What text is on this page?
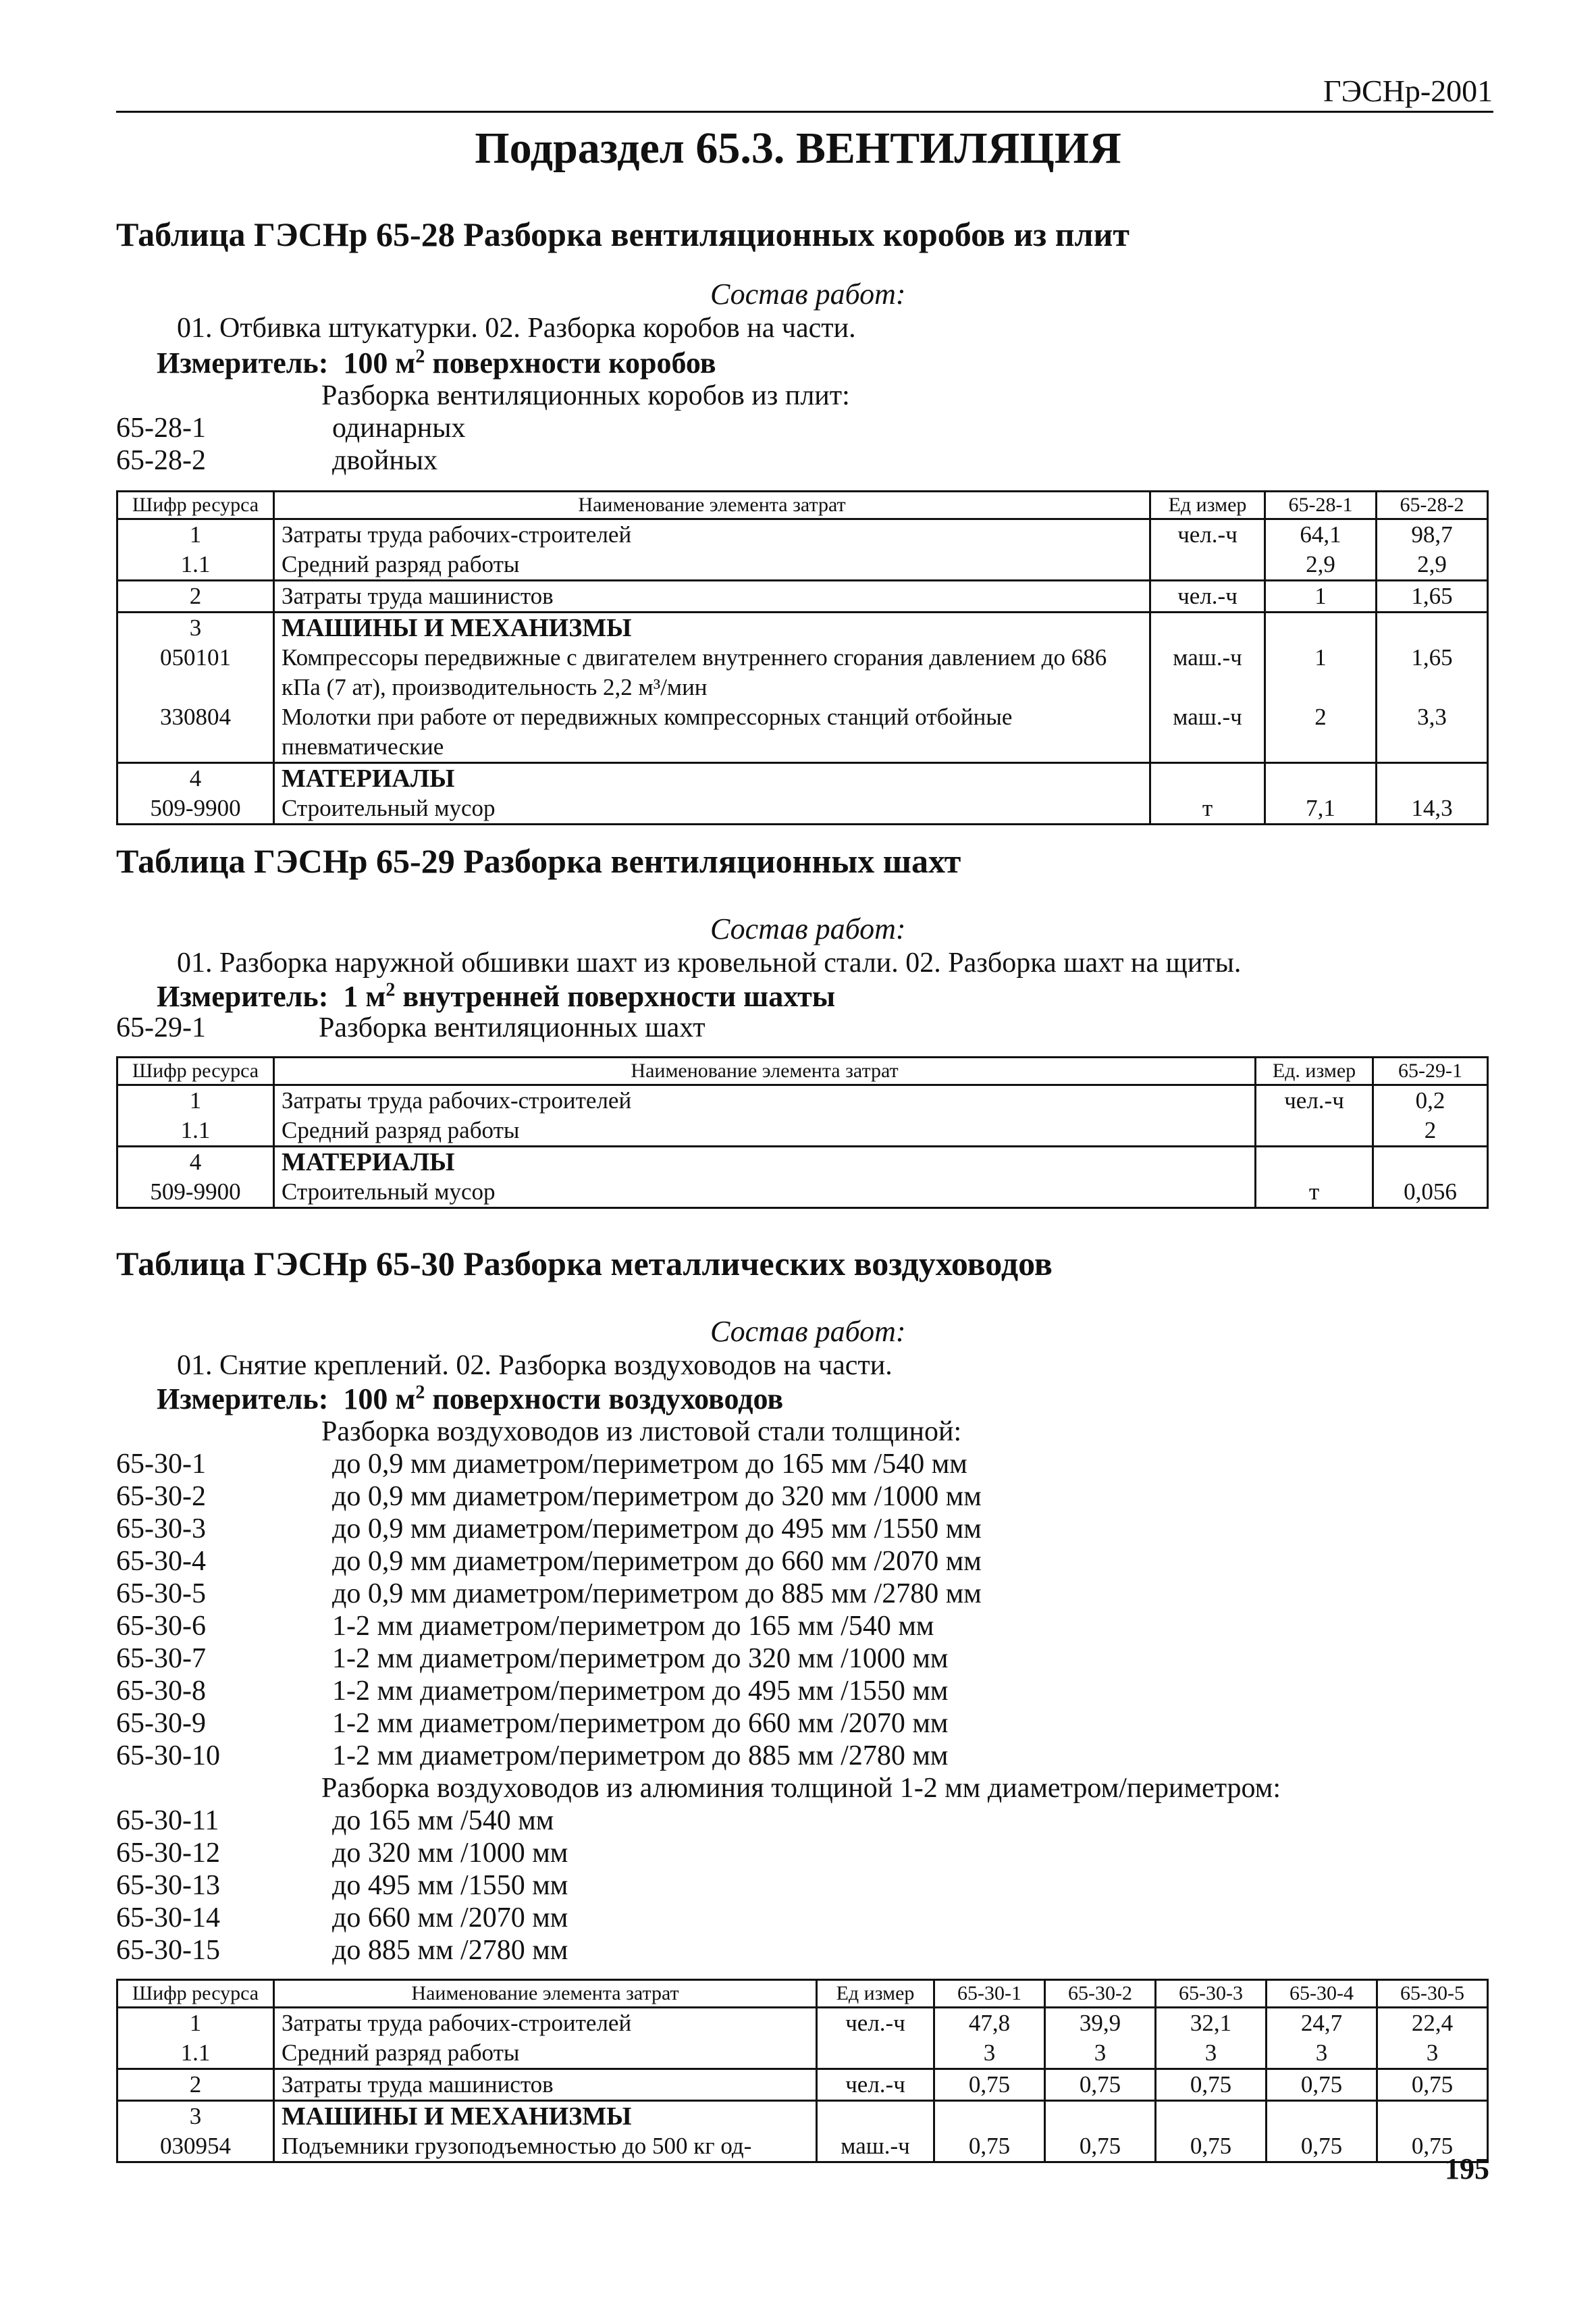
ГЭСНр-2001
Подраздел 65.3. ВЕНТИЛЯЦИЯ
Таблица ГЭСНр 65-28 Разборка вентиляционных коробов из плит
Состав работ:
01. Отбивка штукатурки. 02. Разборка коробов на части.
Измеритель: 100 $м^2$ поверхности коробов
Разборка вентиляционных коробов из плит:
65-28-1	одинарных
65-28-2	двойных
Шифр ресурса	Наименование элемента затрат	Ед измер	65-28-1	65-28-2
1	Затраты труда рабочих-строителей	чел.-ч	64,1	98,7
1.1	Средний разряд работы		2,9	2,9
2	Затраты труда машинистов	чел.-ч	1	1,65
3	МАШИНЫ И МЕХАНИЗМЫ			
050101	Компрессоры передвижные с двигателем внутреннего сгорания давлением до 686 кПа (7 ат), производительность 2,2 м³/мин	маш.-ч	1	1,65
330804	Молотки при работе от передвижных компрессорных станций отбойные пневматические	маш.-ч	2	3,3
4	МАТЕРИАЛЫ			
509-9900	Строительный мусор	т	7,1	14,3
Таблица ГЭСНр 65-29 Разборка вентиляционных шахт
Состав работ:
01. Разборка наружной обшивки шахт из кровельной стали. 02. Разборка шахт на щиты.
Измеритель: 1 $м^2$ внутренней поверхности шахты
65-29-1	Разборка вентиляционных шахт
Шифр ресурса	Наименование элемента затрат	Ед. измер	65-29-1
1	Затраты труда рабочих-строителей	чел.-ч	0,2
1.1	Средний разряд работы		2
4	МАТЕРИАЛЫ		
509-9900	Строительный мусор	т	0,056
Таблица ГЭСНр 65-30 Разборка металлических воздуховодов
Состав работ:
01. Снятие креплений. 02. Разборка воздуховодов на части.
Измеритель: 100 $м^2$ поверхности воздуховодов
Разборка воздуховодов из листовой стали толщиной:
65-30-1	до 0,9 мм диаметром/периметром до 165 мм /540 мм
65-30-2	до 0,9 мм диаметром/периметром до 320 мм /1000 мм
65-30-3	до 0,9 мм диаметром/периметром до 495 мм /1550 мм
65-30-4	до 0,9 мм диаметром/периметром до 660 мм /2070 мм
65-30-5	до 0,9 мм диаметром/периметром до 885 мм /2780 мм
65-30-6	1-2 мм диаметром/периметром до 165 мм /540 мм
65-30-7	1-2 мм диаметром/периметром до 320 мм /1000 мм
65-30-8	1-2 мм диаметром/периметром до 495 мм /1550 мм
65-30-9	1-2 мм диаметром/периметром до 660 мм /2070 мм
65-30-10	1-2 мм диаметром/периметром до 885 мм /2780 мм
Разборка воздуховодов из алюминия толщиной 1-2 мм диаметром/периметром:
65-30-11	до 165 мм /540 мм
65-30-12	до 320 мм /1000 мм
65-30-13	до 495 мм /1550 мм
65-30-14	до 660 мм /2070 мм
65-30-15	до 885 мм /2780 мм
Шифр ресурса	Наименование элемента затрат	Ед измер	65-30-1	65-30-2	65-30-3	65-30-4	65-30-5
1	Затраты труда рабочих-строителей	чел.-ч	47,8	39,9	32,1	24,7	22,4
1.1	Средний разряд работы		3	3	3	3	3
2	Затраты труда машинистов	чел.-ч	0,75	0,75	0,75	0,75	0,75
3	МАШИНЫ И МЕХАНИЗМЫ						
030954	Подъемники грузоподъемностью до 500 кг од-	маш.-ч	0,75	0,75	0,75	0,75	0,75
195
